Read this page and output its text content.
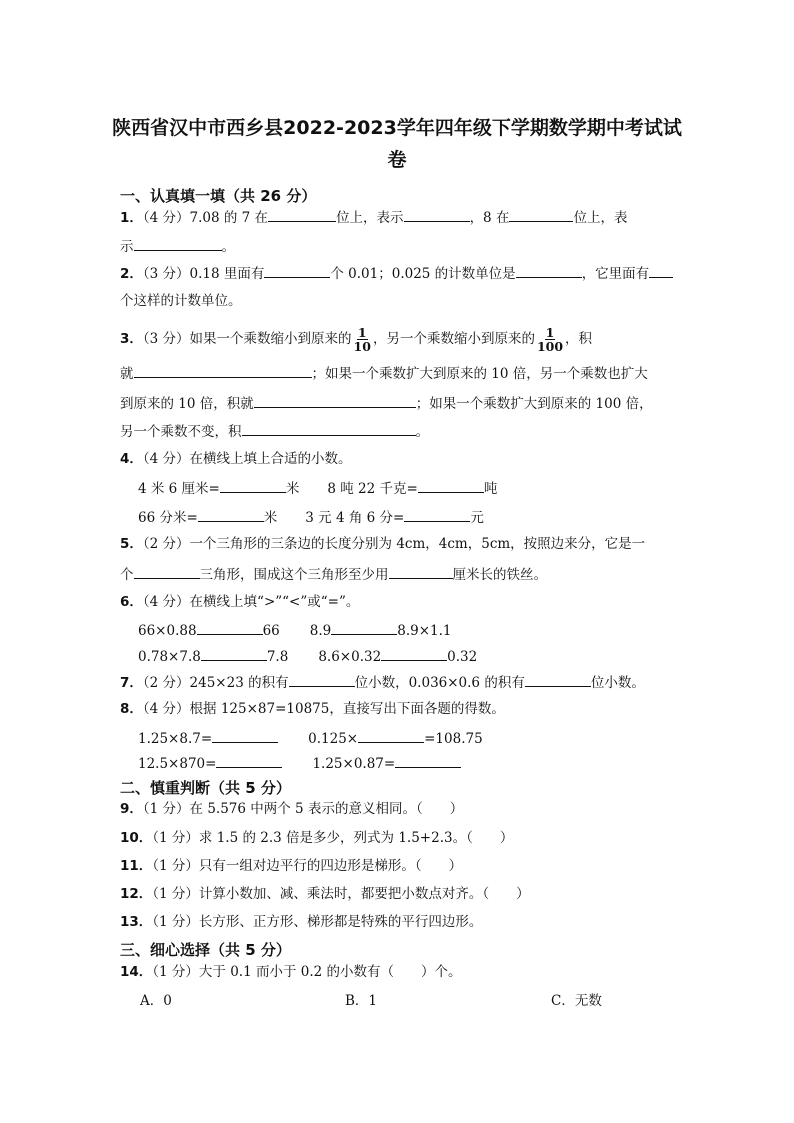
陕西省汉中市西乡县2022-2023学年四年级下学期数学期中考试试
卷
一、认真填一填（共 26 分）
1．（4 分）7.08 的 7 在	位上，表示	，8 在	位上，表
示	。
2．（3 分）0.18 里面有	个 0.01；0.025 的计数单位是	，它里面有
个这样的计数单位。
3．（3 分）如果一个乘数缩小到原来的 $\frac{1}{10}$ ，另一个乘数缩小到原来的 $\frac{1}{100}$ ，积
就	；如果一个乘数扩大到原来的 10 倍，另一个乘数也扩大
到原来的 10 倍，积就	；如果一个乘数扩大到原来的 100 倍，
另一个乘数不变，积	。
4．（4 分）在横线上填上合适的小数。
4 米 6 厘米=	米 8 吨 22 千克=	吨
66 分米=	米 3 元 4 角 6 分=	元
5．（2 分）一个三角形的三条边的长度分别为 4cm，4cm，5cm，按照边来分，它是一
个	三角形，围成这个三角形至少用	厘米长的铁丝。
6．（4 分）在横线上填“>”“<”或“=”。
66×0.88	66 8.9	8.9×1.1
0.78×7.8	7.8 8.6×0.32	0.32
7．（2 分）245×23 的积有	位小数，0.036×0.6 的积有	位小数。
8．（4 分）根据 125×87=10875，直接写出下面各题的得数。
1.25×8.7=	0.125×	=108.75
12.5×870=	1.25×0.87=
二、慎重判断（共 5 分）
9．（1 分）在 5.576 中两个 5 表示的意义相同。（　　）
10．（1 分）求 1.5 的 2.3 倍是多少，列式为 1.5+2.3。（　　）
11．（1 分）只有一组对边平行的四边形是梯形。（　　）
12．（1 分）计算小数加、减、乘法时，都要把小数点对齐。（　　）
13．（1 分）长方形、正方形、梯形都是特殊的平行四边形。
三、细心选择（共 5 分）
14．（1 分）大于 0.1 而小于 0.2 的小数有（　　）个。
A．0	B．1	C．无数
